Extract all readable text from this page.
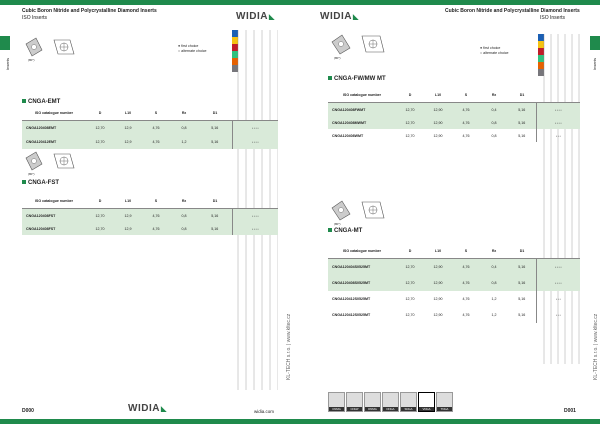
Cubic Boron Nitride and Polycrystalline Diamond Inserts
ISO Inserts	WIDIA◣
Inserts	(80°)
● first choice
○ alternate choice
CNGA-EMT
ISO catalogue number	D	L10	S	Rε	D1	
CNGA120408EMT	12,70	12,9	4,76	0,8	5,16	• • • •
CNGA120412EMT	12,70	12,9	4,76	1,2	5,16	• • • •
(80°)
CNGA-FST
ISO catalogue number	D	L10	S	Rε	D1	
CNGA120408FST	12,70	12,9	4,76	0,8	5,16	• • • •
CNGA120408FST	12,70	12,9	4,76	0,8	5,16	• • • •
KL-TECH s.r.o. | www.kltec.cz
D000	WIDIA◣	widia.com
Cubic Boron Nitride and Polycrystalline Diamond Inserts
ISO Inserts
WIDIA◣
Inserts
(80°)
● first choice
○ alternate choice
CNGA-FW/MW MT
ISO catalogue number	D	L10	S	Rε	D1	
CNGA120408FWMT	12,70	12,90	4,76	0,4	5,16	• • • •
CNGA120408MWMT	12,70	12,90	4,76	0,8	5,16	• • • •
CNGA120408WMT	12,70	12,90	4,76	0,8	5,16	• • •
(80°)
CNGA-MT
ISO catalogue number	D	L10	S	Rε	D1	
CNGA120404S0525MT	12,70	12,90	4,76	0,4	5,16	• • • •
CNGA120408S0525MT	12,70	12,90	4,76	0,8	5,16	• • • •
CNGA120412S0525MT	12,70	12,90	4,76	1,2	5,16	• • •
CNGA120412S0525MT	12,70	12,90	4,76	1,2	5,16	• • •	KL-TECH s.r.o. | www.kltec.cz
CNMG	CNGP	DNMG	DNGA	SNGA	VNGA	TNGA	D001
